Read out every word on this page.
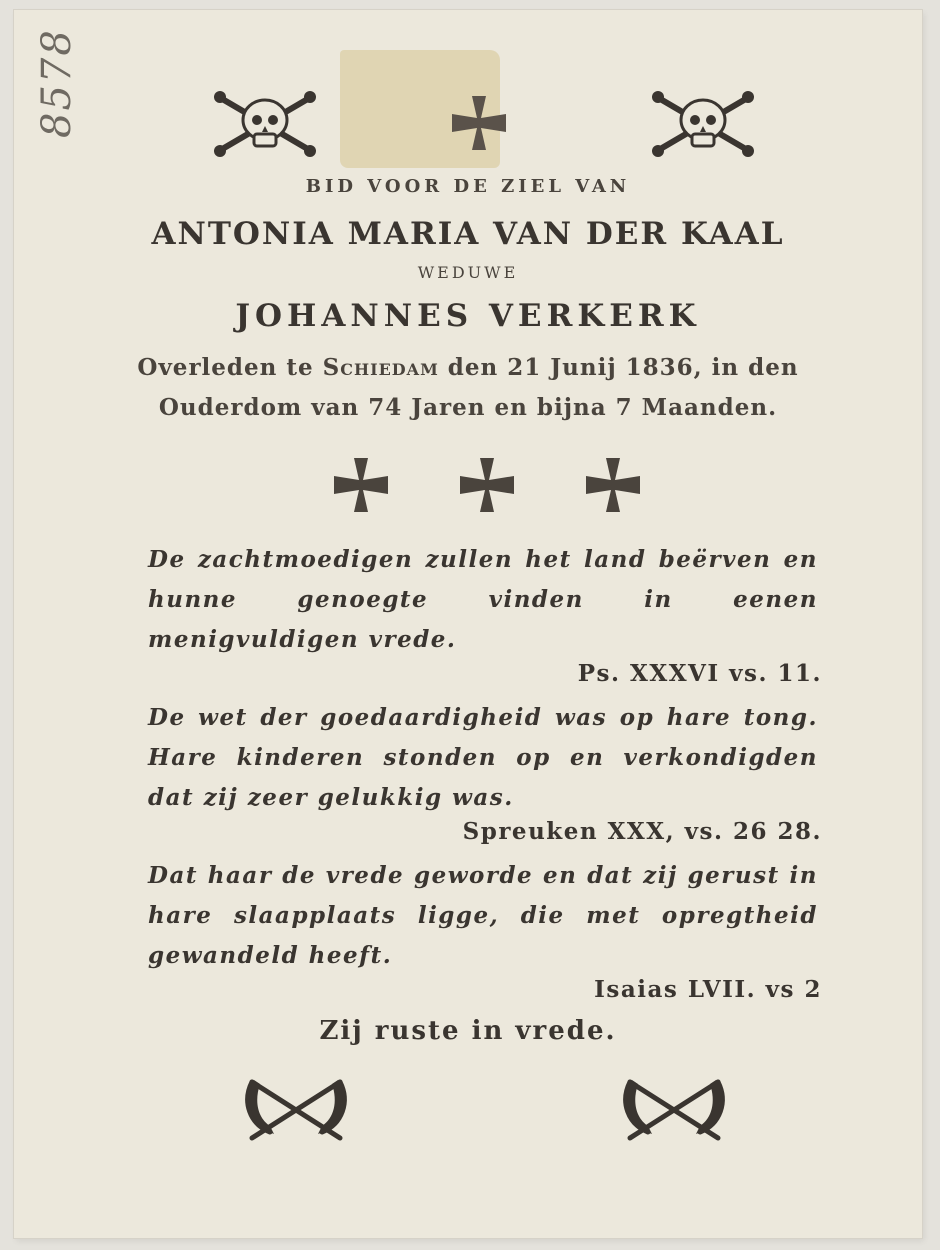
8578
BID VOOR DE ZIEL VAN
ANTONIA MARIA VAN DER KAAL
WEDUWE
JOHANNES VERKERK
Overleden te Schiedam den 21 Junij 1836, in den
Ouderdom van 74 Jaren en bijna 7 Maanden.
De zachtmoedigen zullen het land beërven en hunne genoegte vinden in eenen menigvuldigen vrede.
Ps. XXXVI vs. 11.
De wet der goedaardigheid was op hare tong. Hare kinderen stonden op en verkondigden dat zij zeer gelukkig was.
Spreuken XXX, vs. 26 28.
Dat haar de vrede geworde en dat zij gerust in hare slaapplaats ligge, die met opregtheid gewandeld heeft.
Isaias LVII. vs 2
Zij ruste in vrede.
